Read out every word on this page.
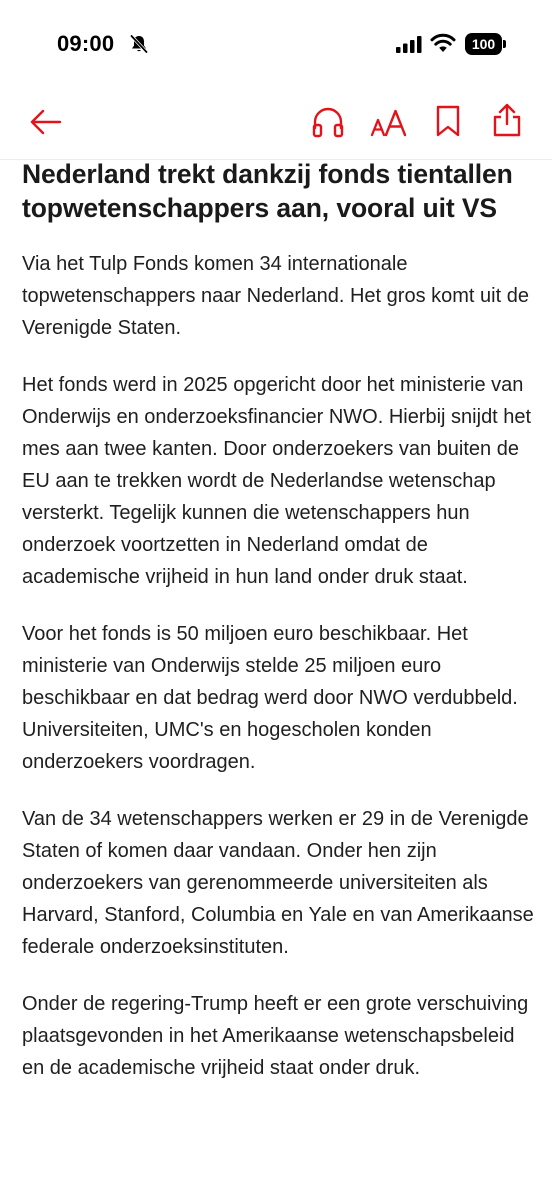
09:00	100
Nederland trekt dankzij fonds tientallen topwetenschappers aan, vooral uit VS

Via het Tulp Fonds komen 34 internationale topwetenschappers naar Nederland. Het gros komt uit de Verenigde Staten.

Het fonds werd in 2025 opgericht door het ministerie van Onderwijs en onderzoeksfinancier NWO. Hierbij snijdt het mes aan twee kanten. Door onderzoekers van buiten de EU aan te trekken wordt de Nederlandse wetenschap versterkt. Tegelijk kunnen die wetenschappers hun onderzoek voortzetten in Nederland omdat de academische vrijheid in hun land onder druk staat.

Voor het fonds is 50 miljoen euro beschikbaar. Het ministerie van Onderwijs stelde 25 miljoen euro beschikbaar en dat bedrag werd door NWO verdubbeld. Universiteiten, UMC's en hogescholen konden onderzoekers voordragen.

Van de 34 wetenschappers werken er 29 in de Verenigde Staten of komen daar vandaan. Onder hen zijn onderzoekers van gerenommeerde universiteiten als Harvard, Stanford, Columbia en Yale en van Amerikaanse federale onderzoeksinstituten.

Onder de regering-Trump heeft er een grote verschuiving plaatsgevonden in het Amerikaanse wetenschapsbeleid en de academische vrijheid staat onder druk.
